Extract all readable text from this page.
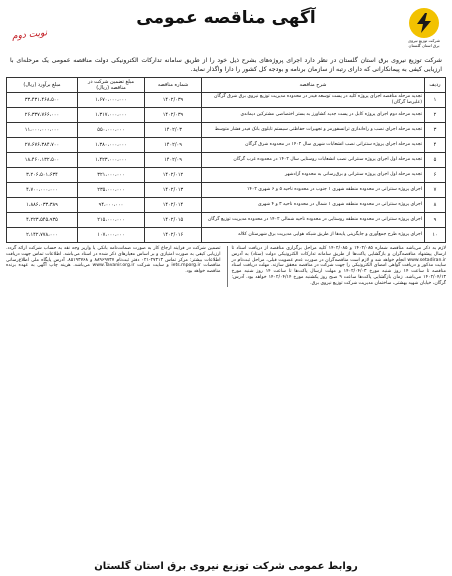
شرکت توزیع نیروی برق استان گلستان
آگهی مناقصه عمومی
نوبت دوم
شرکت توزیع نیروی برق استان گلستان در نظر دارد اجرای پروژه‌های بشرح ذیل خود را از طریق سامانه تدارکات الکترونیکی دولت مناقصه عمومی یک مرحله‌ای با ارزیابی کیفی به پیمانکارانی که دارای رتبه از سازمان برنامه و بودجه کل کشور را دارا واگذار نماید.
ردیف	شرح مناقصه	شماره مناقصه	مبلغ تضمین شرکت در مناقصه (ریال)	مبلغ برآورد (ریال)
۱	تجدید مرحله مناقصه اجرای پروژه کلید در پست توسعه فیدر در محدوده مدیریت توزیع نیروی برق شرق گرگان (علیرضا گرگان)	۱۴۰۲/۰۳۹	۱،۶۷۰،۰۰۰،۰۰۰	۳۳،۴۳۱،۴۶۸،۵۰۰
۲	تجدید مرحله دوم اجرای پروژه کابل در پست جدید کشاورز به بستر اختصاصی مشترکین دیماندی	۱۴۰۲/۰۳۹	۱،۳۱۷،۰۰۰،۰۰۰	۲۶،۳۳۷،۷۶۶،۰۰۰
۳	تجدید مرحله اجرای نصب و راه‌اندازی ترانسفورمر و تجهیزات حفاظتی سیستم تابلوی بانک فیدر فشار متوسط	۱۴۰۲/۰۳	۵۵۰،۰۰۰،۰۰۰	۱۱،۰۰۰،۰۰۰،۰۰۰
۴	تجدید مرحله اجرای پروژه سنترانی نصب انشعابات شهری سال ۱۴۰۲ در محدوده شرق گرگان	۱۴۰۲/۰۹	۱،۳۸۰،۰۰۰،۰۰۰	۲۷،۶۷۶،۳۸۴،۷۰۰
۵	تجدید مرحله اول اجرای پروژه سنترانی نصب انشعابات روستایی سال ۱۴۰۲ در محدوده غرب گرگان	۱۴۰۲/۰۹	۱،۴۲۳،۰۰۰،۰۰۰	۱۸،۴۶۰،۱۳۲،۵۰۰
۶	تجدید مرحله اول اجرای پروژه سنترانی و برق‌رسانی به محدوده آزادشهر	۱۴۰۲/۰۱۲	۳۲۱،۰۰۰،۰۰۰	۳،۲۰۶،۵۰۱،۶۳۴
۷	اجرای پروژه سنترانی در محدوده منطقه شهری ۱ جنوب در محدوده ناحیه ۵ و ۶ شهری ۱۴۰۲	۱۴۰۲/۰۱۳	۲۳۵،۰۰۰،۰۰۰	۴،۷۰۰،۰۰۰،۰۰۰
۸	اجرای پروژه سنترانی در محدوده منطقه شهری ۱ شمال در محدوده ناحیه ۳ و ۴ شهری	۱۴۰۲/۰۱۴	۹۴،۰۰۰،۰۰۰	۱،۸۸۶،۰۳۳،۳۸۹
۹	اجرای پروژه سنترانی در محدوده منطقه روستایی در محدوده ناحیه شمالی ۱۴۰۲ در محدوده مدیریت توزیع گرگان	۱۴۰۲/۰۱۵	۲۱۵،۰۰۰،۰۰۰	۴،۲۲۳،۵۴۵،۹۳۵
۱۰	اجرای پروژه طرح جمع‌آوری و جایگزینی پایه‌ها از طریق شبکه هوایی مدیریت برق شهرستان کلاله	۱۴۰۲/۰۱۶	۱۰۷،۰۰۰،۰۰۰	۲،۱۴۲،۷۷۸،۰۰۰
لازم به ذکر می‌باشد مناقصه شماره ۱۴۰۲/۰۸۵ و ۱۴۰۲/۰۸۵ کلیه مراحل برگزاری مناقصه از دریافت اسناد تا ارسال پیشنهاد مناقصه‌گران و بازگشایی پاکت‌ها از طریق سامانه تدارکات الکترونیکی دولت (ستاد) به آدرس www.setadiran.ir انجام خواهد شد و لازم است مناقصه‌گران در صورت عدم عضویت قبلی، مراحل ثبت‌نام در سایت مذکور و دریافت گواهی امضای الکترونیکی را جهت شرکت در مناقصه محقق سازند. مهلت دریافت اسناد مناقصه تا ساعت ۱۴ روز شنبه مورخ ۱۴۰۲/۰۴/۰۳ و مهلت ارسال پاکت‌ها تا ساعت ۱۴ روز شنبه مورخ ۱۴۰۲/۰۴/۱۳ می‌باشد. زمان بازگشایی پاکت‌ها ساعت ۹ صبح روز یکشنبه مورخ ۱۴۰۲/۰۴/۱۴ خواهد بود. آدرس: گرگان، خیابان شهید بهشتی، ساختمان مدیریت شرکت توزیع نیروی برق.
تضمین شرکت در فرایند ارجاع کار به صورت ضمانت‌نامه بانکی یا واریز وجه نقد به حساب شرکت ارائه گردد. ارزیابی کیفی به صورت امتیازی و بر اساس معیارهای ذکر شده در اسناد می‌باشد. اطلاعات تماس جهت دریافت اطلاعات بیشتر: مرکز تماس ۲۷۳۱۳-۰۲۱ دفتر ثبت‌نام ۸۸۹۶۹۷۳۷ و ۸۵۱۹۳۷۶۸. آدرس پایگاه ملی اطلاع‌رسانی مناقصات iets.mporg.ir و سایت شرکت www.Tavanir.org.ir می‌باشد. هزینه چاپ آگهی به عهده برنده مناقصه خواهد بود.
روابط عمومی شرکت توزیع نیروی برق استان گلستان
